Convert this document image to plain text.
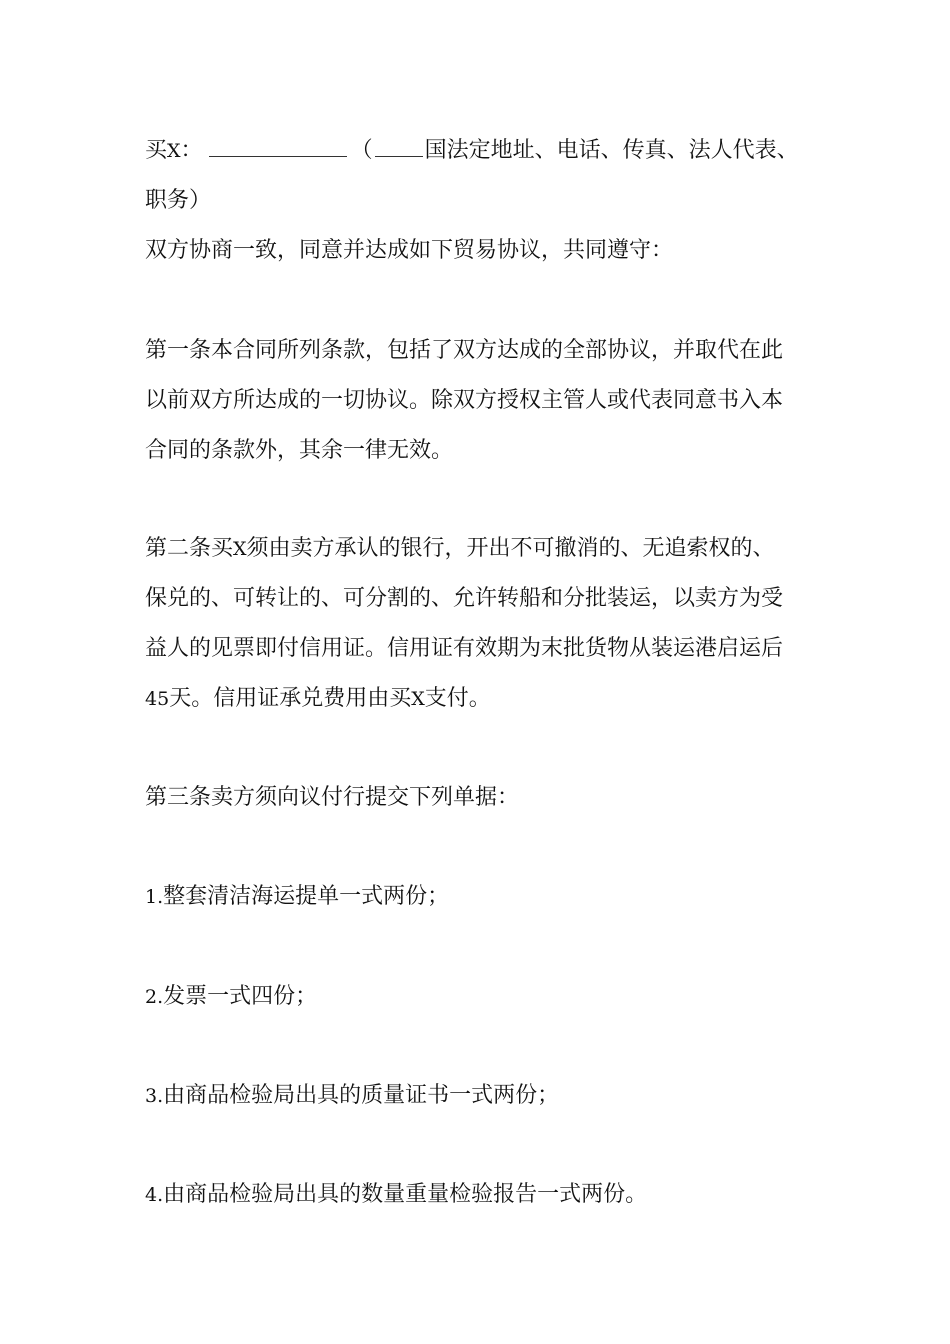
买X：	（ 国法定地址、电话、传真、法人代表、
职务）

双方协商一致，同意并达成如下贸易协议，共同遵守：

第一条本合同所列条款，包括了双方达成的全部协议，并取代在此
以前双方所达成的一切协议。除双方授权主管人或代表同意书入本
合同的条款外，其余一律无效。

第二条买X须由卖方承认的银行，开出不可撤消的、无追索权的、
保兑的、可转让的、可分割的、允许转船和分批装运，以卖方为受
益人的见票即付信用证。信用证有效期为末批货物从装运港启运后
45天。信用证承兑费用由买X支付。

第三条卖方须向议付行提交下列单据：

1.整套清洁海运提单一式两份；

2.发票一式四份；

3.由商品检验局出具的质量证书一式两份；

4.由商品检验局出具的数量重量检验报告一式两份。
